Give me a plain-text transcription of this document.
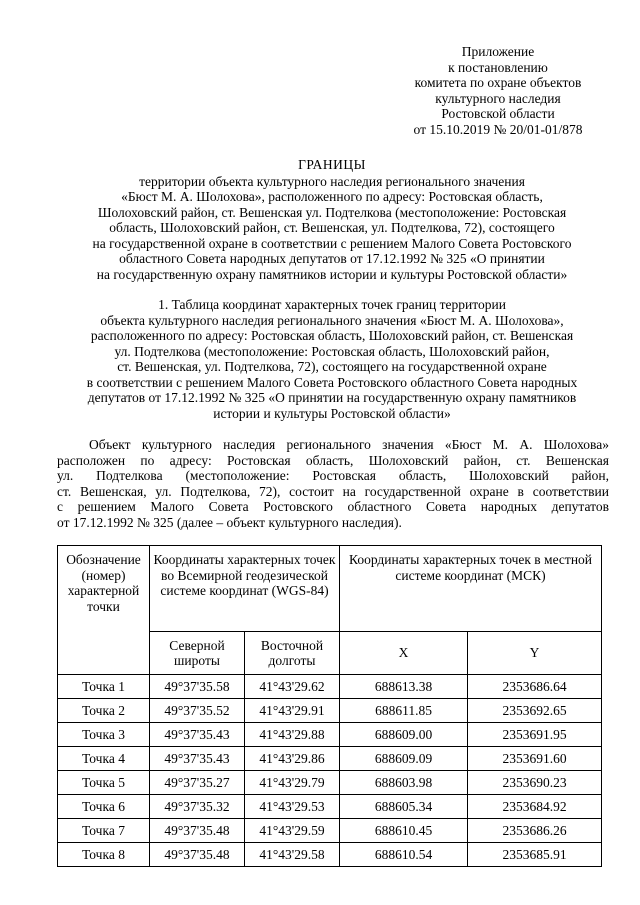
Приложение
к постановлению
комитета по охране объектов
культурного наследия
Ростовской области
от 15.10.2019 № 20/01-01/878
ГРАНИЦЫ
территории объекта культурного наследия регионального значения
«Бюст М. А. Шолохова», расположенного по адресу: Ростовская область,
Шолоховский район, ст. Вешенская ул. Подтелкова (местоположение: Ростовская
область, Шолоховский район, ст. Вешенская, ул. Подтелкова, 72), состоящего
на государственной охране в соответствии с решением Малого Совета Ростовского
областного Совета народных депутатов от 17.12.1992 № 325 «О принятии
на государственную охрану памятников истории и культуры Ростовской области»
1. Таблица координат характерных точек границ территории
объекта культурного наследия регионального значения «Бюст М. А. Шолохова»,
расположенного по адресу: Ростовская область, Шолоховский район, ст. Вешенская
ул. Подтелкова (местоположение: Ростовская область, Шолоховский район,
ст. Вешенская, ул. Подтелкова, 72), состоящего на государственной охране
в соответствии с решением Малого Совета Ростовского областного Совета народных
депутатов от 17.12.1992 № 325 «О принятии на государственную охрану памятников
истории и культуры Ростовской области»
Объект культурного наследия регионального значения «Бюст М. А. Шолохова»
расположен по адресу: Ростовская область, Шолоховский район, ст. Вешенская
ул. Подтелкова (местоположение: Ростовская область, Шолоховский район,
ст. Вешенская, ул. Подтелкова, 72), состоит на государственной охране в соответствии
с решением Малого Совета Ростовского областного Совета народных депутатов
от 17.12.1992 № 325 (далее – объект культурного наследия).
Обозначение (номер) характерной точки	Координаты характерных точек во Всемирной геодезической системе координат (WGS-84)		Координаты характерных точек в местной системе координат (МСК)	
	Северной широты	Восточной долготы	X	Y
Точка 1	49°37'35.58	41°43'29.62	688613.38	2353686.64
Точка 2	49°37'35.52	41°43'29.91	688611.85	2353692.65
Точка 3	49°37'35.43	41°43'29.88	688609.00	2353691.95
Точка 4	49°37'35.43	41°43'29.86	688609.09	2353691.60
Точка 5	49°37'35.27	41°43'29.79	688603.98	2353690.23
Точка 6	49°37'35.32	41°43'29.53	688605.34	2353684.92
Точка 7	49°37'35.48	41°43'29.59	688610.45	2353686.26
Точка 8	49°37'35.48	41°43'29.58	688610.54	2353685.91
